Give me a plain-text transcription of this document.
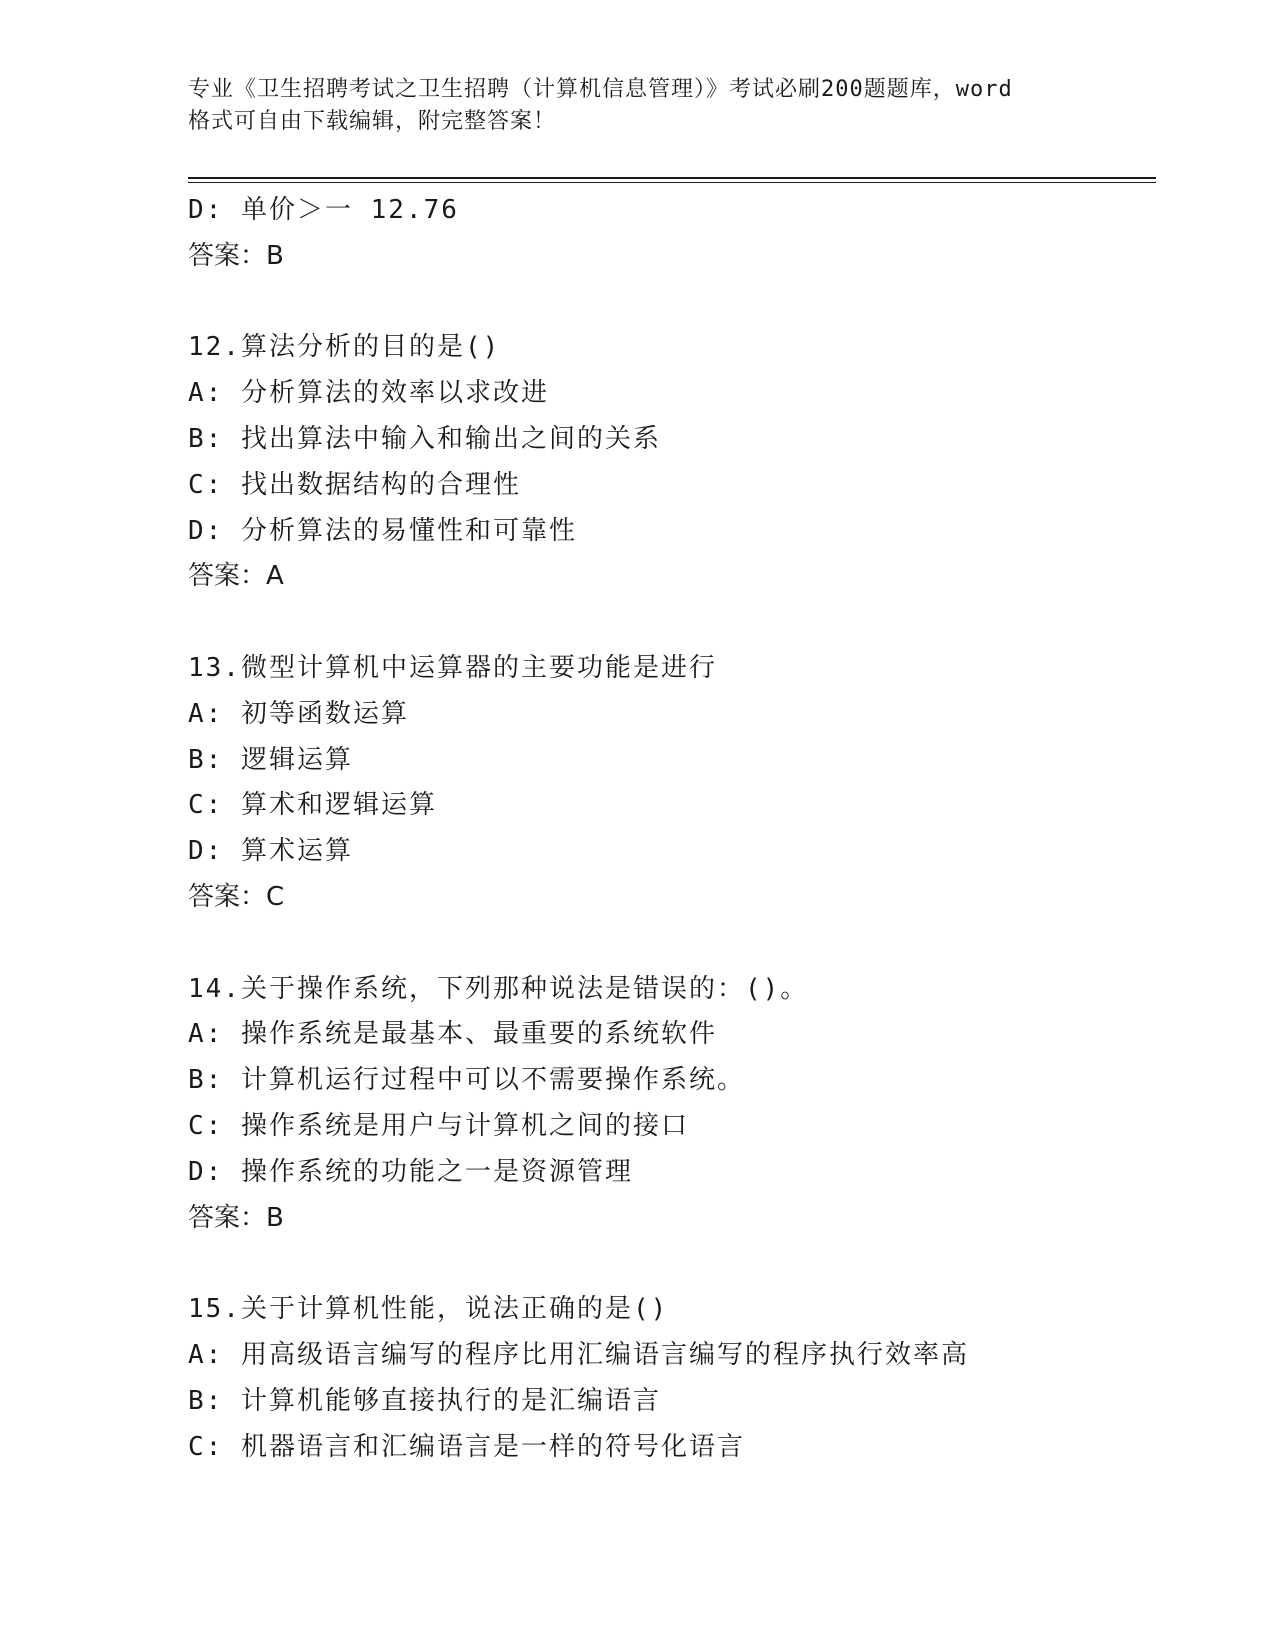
专业《卫生招聘考试之卫生招聘（计算机信息管理）》考试必刷200题题库，word
格式可自由下载编辑，附完整答案！
D: 单价＞一 12.76
答案：B
12.算法分析的目的是()
A: 分析算法的效率以求改进
B: 找出算法中输入和输出之间的关系
C: 找出数据结构的合理性
D: 分析算法的易懂性和可靠性
答案：A
13.微型计算机中运算器的主要功能是进行
A: 初等函数运算
B: 逻辑运算
C: 算术和逻辑运算
D: 算术运算
答案：C
14.关于操作系统，下列那种说法是错误的：()。
A: 操作系统是最基本、最重要的系统软件
B: 计算机运行过程中可以不需要操作系统。
C: 操作系统是用户与计算机之间的接口
D: 操作系统的功能之一是资源管理
答案：B
15.关于计算机性能，说法正确的是()
A: 用高级语言编写的程序比用汇编语言编写的程序执行效率高
B: 计算机能够直接执行的是汇编语言
C: 机器语言和汇编语言是一样的符号化语言
